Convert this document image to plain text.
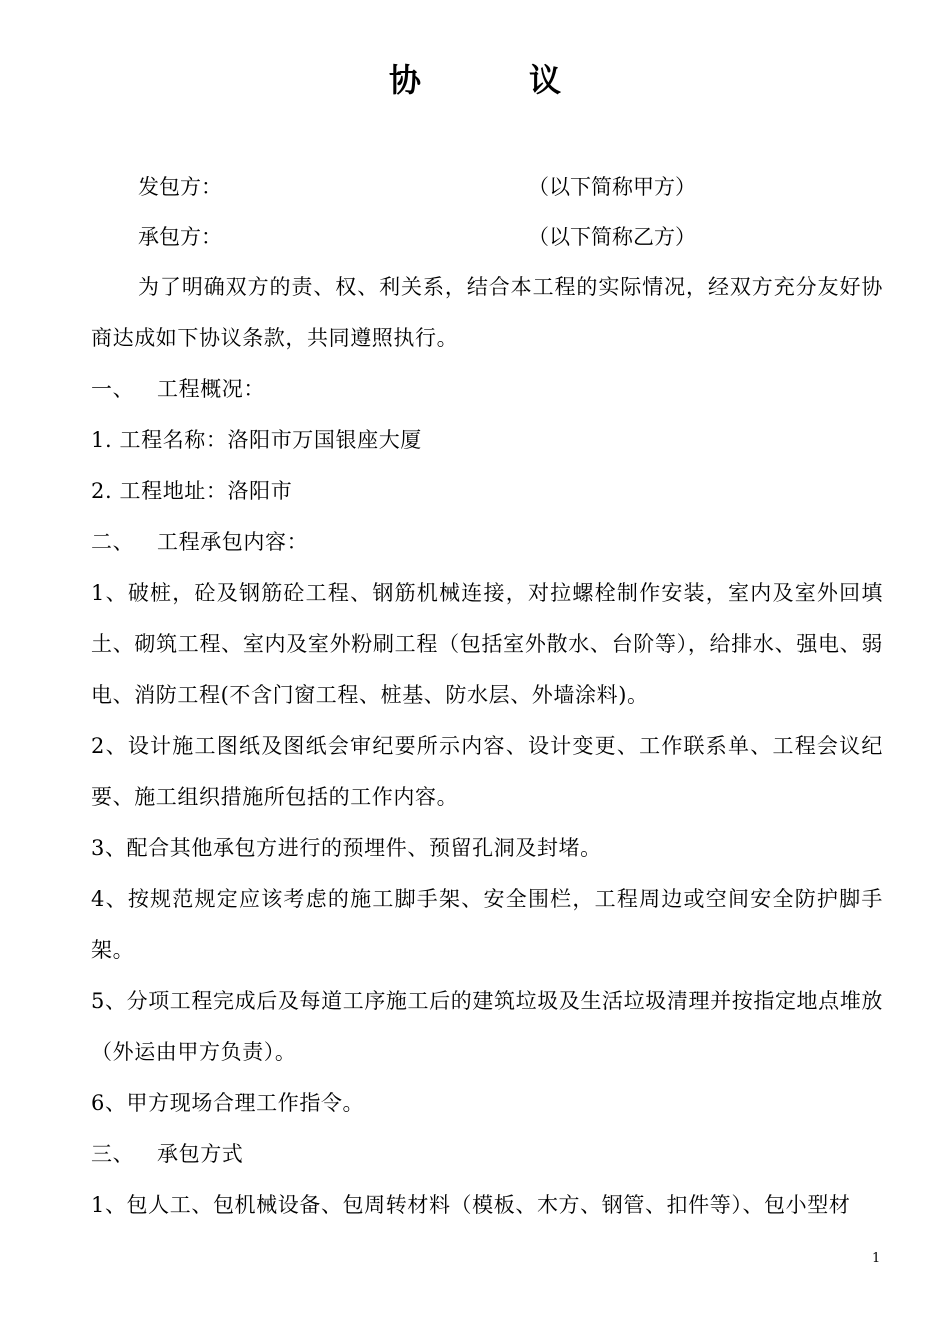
协　议
发包方：	（以下简称甲方）
承包方：	（以下简称乙方）

为了明确双方的责、权、利关系，结合本工程的实际情况，经双方充分友好协商达成如下协议条款，共同遵照执行。

一、 工程概况：

1. 工程名称：洛阳市万国银座大厦

2. 工程地址：洛阳市

二、 工程承包内容：

1、破桩，砼及钢筋砼工程、钢筋机械连接，对拉螺栓制作安装，室内及室外回填土、砌筑工程、室内及室外粉刷工程（包括室外散水、台阶等），给排水、强电、弱电、消防工程(不含门窗工程、桩基、防水层、外墙涂料)。

2、设计施工图纸及图纸会审纪要所示内容、设计变更、工作联系单、工程会议纪要、施工组织措施所包括的工作内容。

3、配合其他承包方进行的预埋件、预留孔洞及封堵。

4、按规范规定应该考虑的施工脚手架、安全围栏，工程周边或空间安全防护脚手架。

5、分项工程完成后及每道工序施工后的建筑垃圾及生活垃圾清理并按指定地点堆放（外运由甲方负责）。

6、甲方现场合理工作指令。

三、 承包方式

1、包人工、包机械设备、包周转材料（模板、木方、钢管、扣件等）、包小型材

1
